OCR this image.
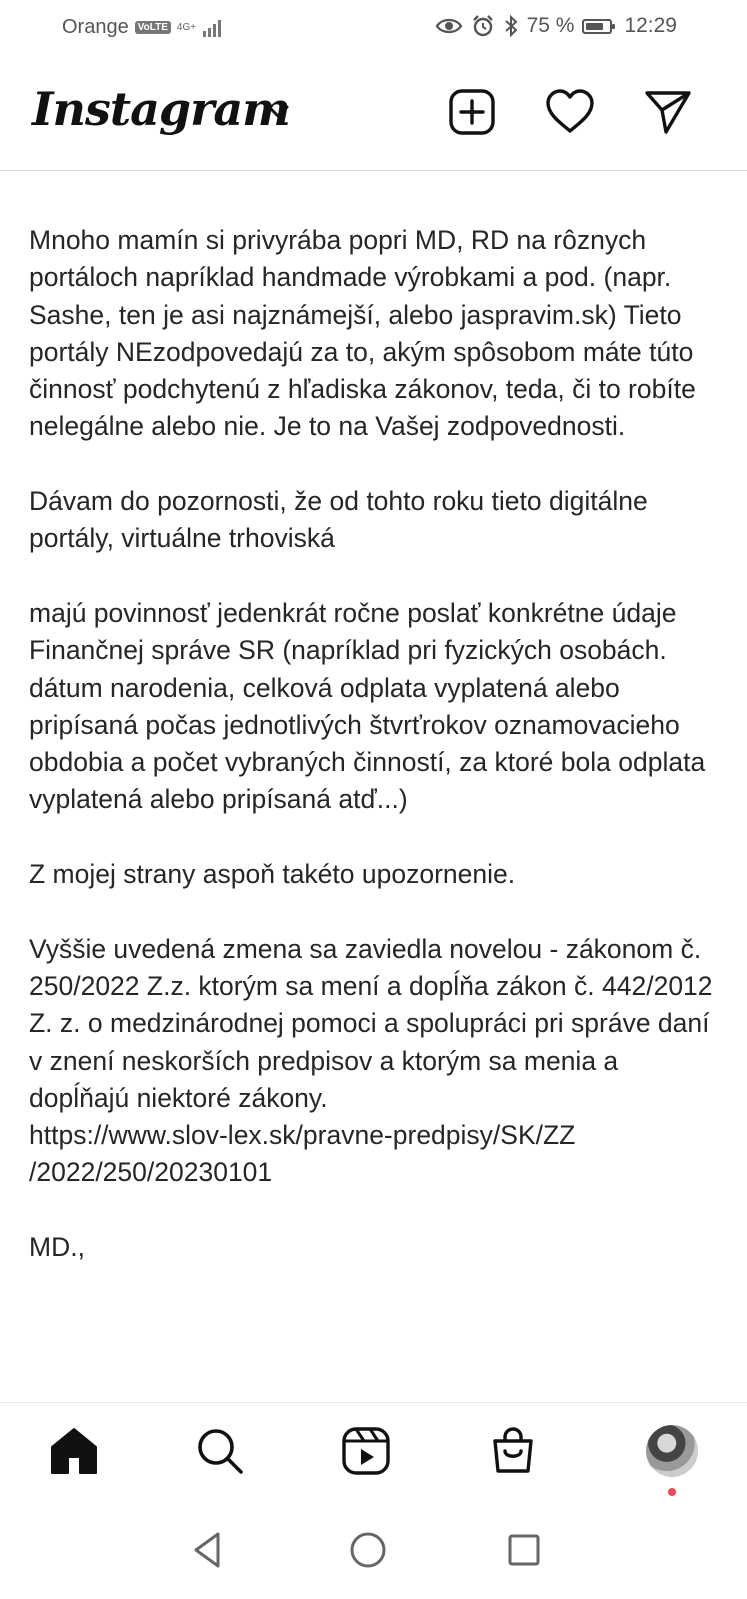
Orange VoLTE 4G+	75 % 12:29
Instagram

Mnoho mamín si privyrába popri MD, RD na rôznych portáloch napríklad handmade výrobkami a pod. (napr. Sashe, ten je asi najznámejší, alebo jaspravim.sk) Tieto portály NEzodpovedajú za to, akým spôsobom máte túto činnosť podchytenú z hľadiska zákonov, teda, či to robíte nelegálne alebo nie. Je to na Vašej zodpovednosti.

Dávam do pozornosti, že od tohto roku tieto digitálne portály, virtuálne trhoviská

majú povinnosť jedenkrát ročne poslať konkrétne údaje Finančnej správe SR (napríklad pri fyzických osobách. dátum narodenia, celková odplata vyplatená alebo pripísaná počas jednotlivých štvrťrokov oznamovacieho obdobia a počet vybraných činností, za ktoré bola odplata vyplatená alebo pripísaná atď...)

Z mojej strany aspoň takéto upozornenie.

Vyššie uvedená zmena sa zaviedla novelou - zákonom č. 250/2022 Z.z. ktorým sa mení a dopĺňa zákon č. 442/2012 Z. z. o medzinárodnej pomoci a spolupráci pri správe daní v znení neskorších predpisov a ktorým sa menia a dopĺňajú niektoré zákony.
https://www.slov-lex.sk/pravne-predpisy/SK/ZZ
/2022/250/20230101

MD.,
